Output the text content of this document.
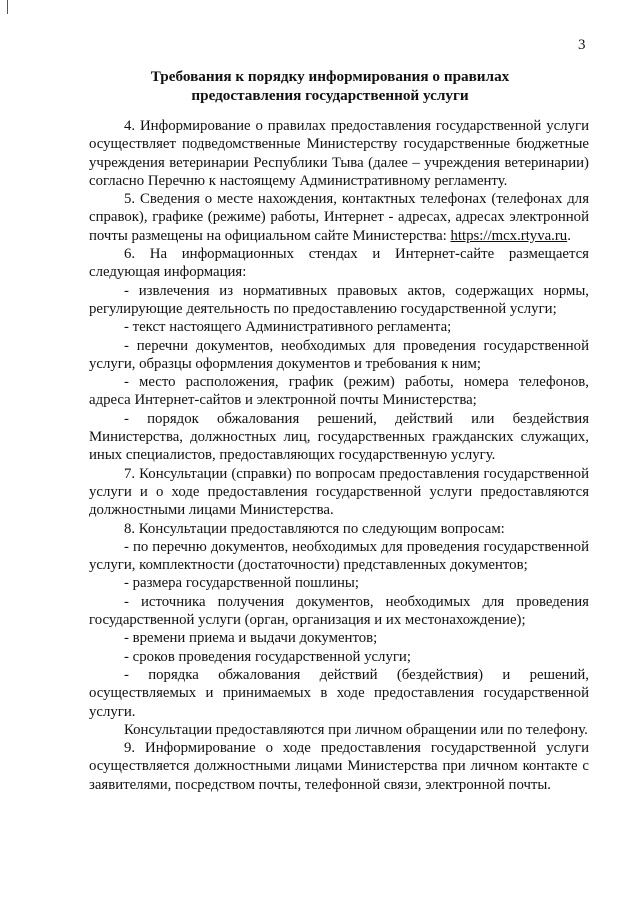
3
Требования к порядку информирования о правилах
предоставления государственной услуги

4. Информирование о правилах предоставления государственной услуги осуществляет подведомственные Министерству государственные бюджетные учреждения ветеринарии Республики Тыва (далее – учреждения ветеринарии) согласно Перечню к настоящему Административному регламенту.

5. Сведения о месте нахождения, контактных телефонах (телефонах для справок), графике (режиме) работы, Интернет - адресах, адресах электронной почты размещены на официальном сайте Министерства: https://mcx.rtyva.ru.

6. На информационных стендах и Интернет-сайте размещается следующая информация:

- извлечения из нормативных правовых актов, содержащих нормы, регулирующие деятельность по предоставлению государственной услуги;

- текст настоящего Административного регламента;

- перечни документов, необходимых для проведения государственной услуги, образцы оформления документов и требования к ним;

- место расположения, график (режим) работы, номера телефонов, адреса Интернет-сайтов и электронной почты Министерства;

- порядок обжалования решений, действий или бездействия Министерства, должностных лиц, государственных гражданских служащих, иных специалистов, предоставляющих государственную услугу.

7. Консультации (справки) по вопросам предоставления государственной услуги и о ходе предоставления государственной услуги предоставляются должностными лицами Министерства.

8. Консультации предоставляются по следующим вопросам:

- по перечню документов, необходимых для проведения государственной услуги, комплектности (достаточности) представленных документов;

- размера государственной пошлины;

- источника получения документов, необходимых для проведения государственной услуги (орган, организация и их местонахождение);

- времени приема и выдачи документов;

- сроков проведения государственной услуги;

- порядка обжалования действий (бездействия) и решений, осуществляемых и принимаемых в ходе предоставления государственной услуги.

Консультации предоставляются при личном обращении или по телефону.

9. Информирование о ходе предоставления государственной услуги осуществляется должностными лицами Министерства при личном контакте с заявителями, посредством почты, телефонной связи, электронной почты.
